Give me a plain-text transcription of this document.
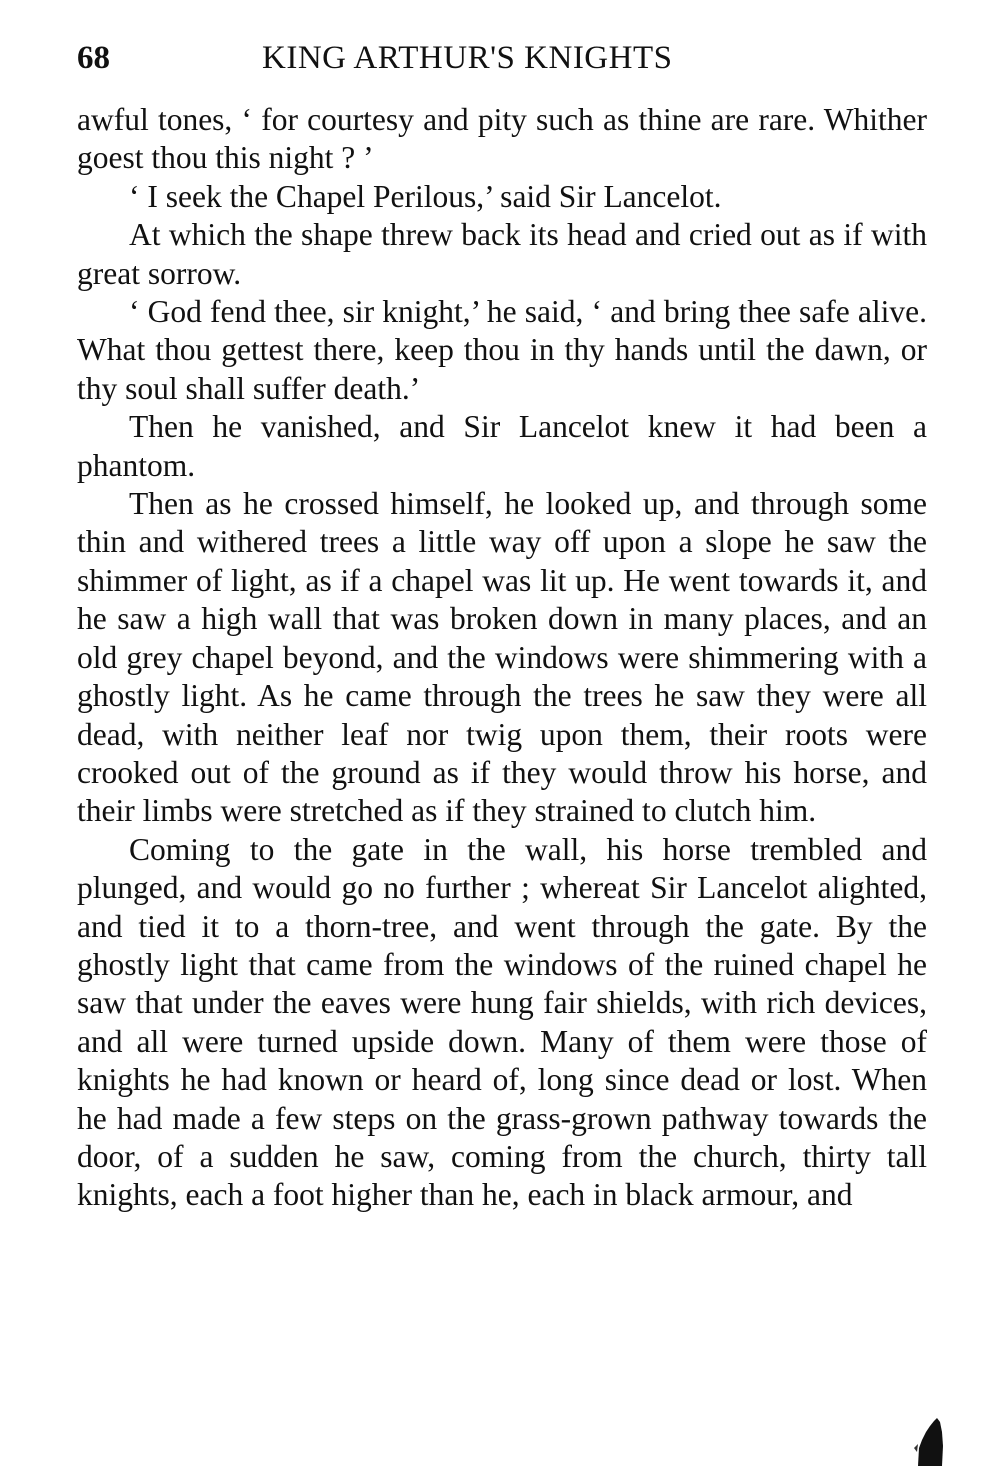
68	KING ARTHUR'S KNIGHTS

awful tones, ‘ for courtesy and pity such as thine are rare. Whither goest thou this night ? ’

‘ I seek the Chapel Perilous,’ said Sir Lancelot.

At which the shape threw back its head and cried out as if with great sorrow.

‘ God fend thee, sir knight,’ he said, ‘ and bring thee safe alive. What thou gettest there, keep thou in thy hands until the dawn, or thy soul shall suffer death.’

Then he vanished, and Sir Lancelot knew it had been a phantom.

Then as he crossed himself, he looked up, and through some thin and withered trees a little way off upon a slope he saw the shimmer of light, as if a chapel was lit up. He went towards it, and he saw a high wall that was broken down in many places, and an old grey chapel beyond, and the windows were shimmering with a ghostly light. As he came through the trees he saw they were all dead, with neither leaf nor twig upon them, their roots were crooked out of the ground as if they would throw his horse, and their limbs were stretched as if they strained to clutch him.

Coming to the gate in the wall, his horse trembled and plunged, and would go no further ; whereat Sir Lancelot alighted, and tied it to a thorn-tree, and went through the gate. By the ghostly light that came from the windows of the ruined chapel he saw that under the eaves were hung fair shields, with rich devices, and all were turned upside down. Many of them were those of knights he had known or heard of, long since dead or lost. When he had made a few steps on the grass-grown pathway towards the door, of a sudden he saw, coming from the church, thirty tall knights, each a foot higher than he, each in black armour, and
